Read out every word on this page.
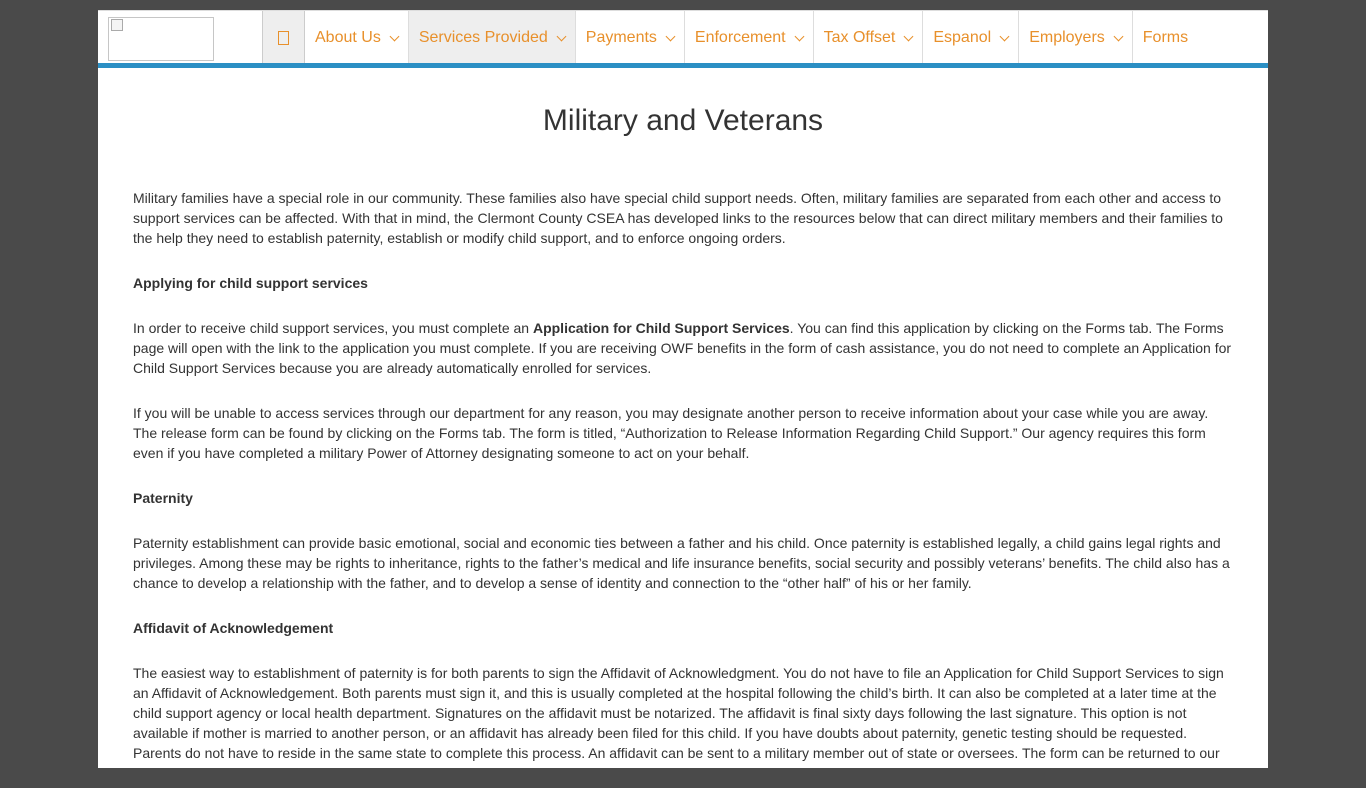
About Us Services Provided Payments Enforcement Tax Offset Espanol Employers Forms
Military and Veterans

Military families have a special role in our community. These families also have special child support needs. Often, military families are separated from each other and access to support services can be affected. With that in mind, the Clermont County CSEA has developed links to the resources below that can direct military members and their families to the help they need to establish paternity, establish or modify child support, and to enforce ongoing orders.

Applying for child support services

In order to receive child support services, you must complete an Application for Child Support Services. You can find this application by clicking on the Forms tab. The Forms page will open with the link to the application you must complete. If you are receiving OWF benefits in the form of cash assistance, you do not need to complete an Application for Child Support Services because you are already automatically enrolled for services.

If you will be unable to access services through our department for any reason, you may designate another person to receive information about your case while you are away. The release form can be found by clicking on the Forms tab. The form is titled, “Authorization to Release Information Regarding Child Support.” Our agency requires this form even if you have completed a military Power of Attorney designating someone to act on your behalf.

Paternity

Paternity establishment can provide basic emotional, social and economic ties between a father and his child. Once paternity is established legally, a child gains legal rights and privileges. Among these may be rights to inheritance, rights to the father’s medical and life insurance benefits, social security and possibly veterans’ benefits. The child also has a chance to develop a relationship with the father, and to develop a sense of identity and connection to the “other half” of his or her family.

Affidavit of Acknowledgement

The easiest way to establishment of paternity is for both parents to sign the Affidavit of Acknowledgment. You do not have to file an Application for Child Support Services to sign an Affidavit of Acknowledgement. Both parents must sign it, and this is usually completed at the hospital following the child’s birth. It can also be completed at a later time at the child support agency or local health department. Signatures on the affidavit must be notarized. The affidavit is final sixty days following the last signature. This option is not available if mother is married to another person, or an affidavit has already been filed for this child. If you have doubts about paternity, genetic testing should be requested. Parents do not have to reside in the same state to complete this process. An affidavit can be sent to a military member out of state or oversees. The form can be returned to our
